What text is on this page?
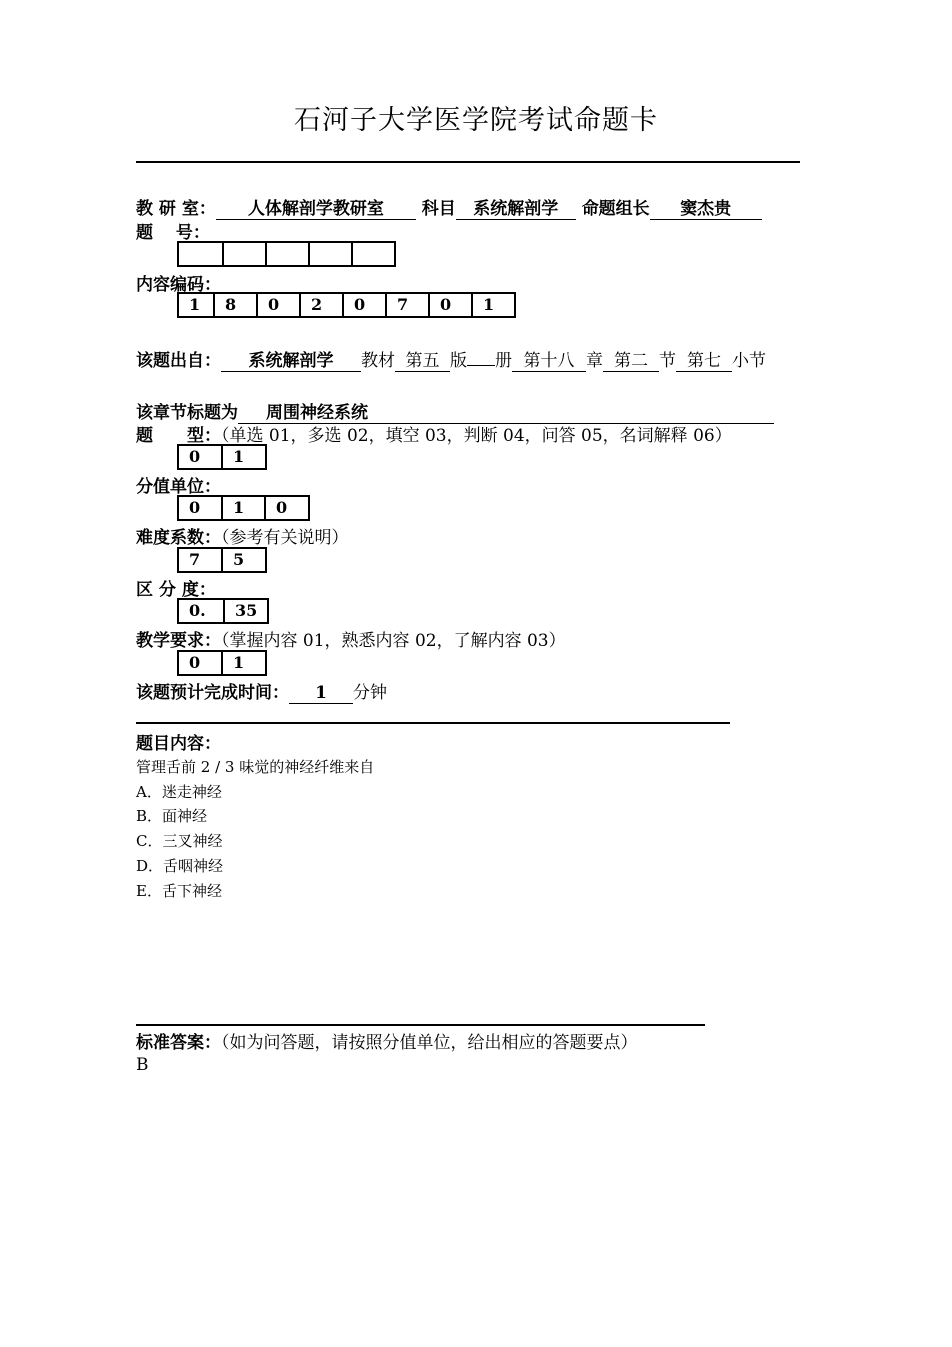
石河子大学医学院考试命题卡
教 研 室： 人体解剖学教研室 科目 系统解剖学 命题组长 窦杰贵
题　 号：
内容编码：
1	8	0	2	0	7	0	1
该题出自： 系统解剖学 教材 第五 版 册 第十八 章 第二 节 第七 小节
该章节标题为 周围神经系统
题　　型：（单选 01，多选 02，填空 03，判断 04，问答 05，名词解释 06）
0	1
分值单位：
0	1	0
难度系数：（参考有关说明）
7	5
区 分 度：
0.	35
教学要求：（掌握内容 01，熟悉内容 02，了解内容 03）
0	1
该题预计完成时间： 1 分钟
题目内容：
管理舌前 2 / 3 味觉的神经纤维来自
A．迷走神经
B．面神经
C．三叉神经
D．舌咽神经
E．舌下神经
标准答案：（如为问答题，请按照分值单位，给出相应的答题要点）
B
